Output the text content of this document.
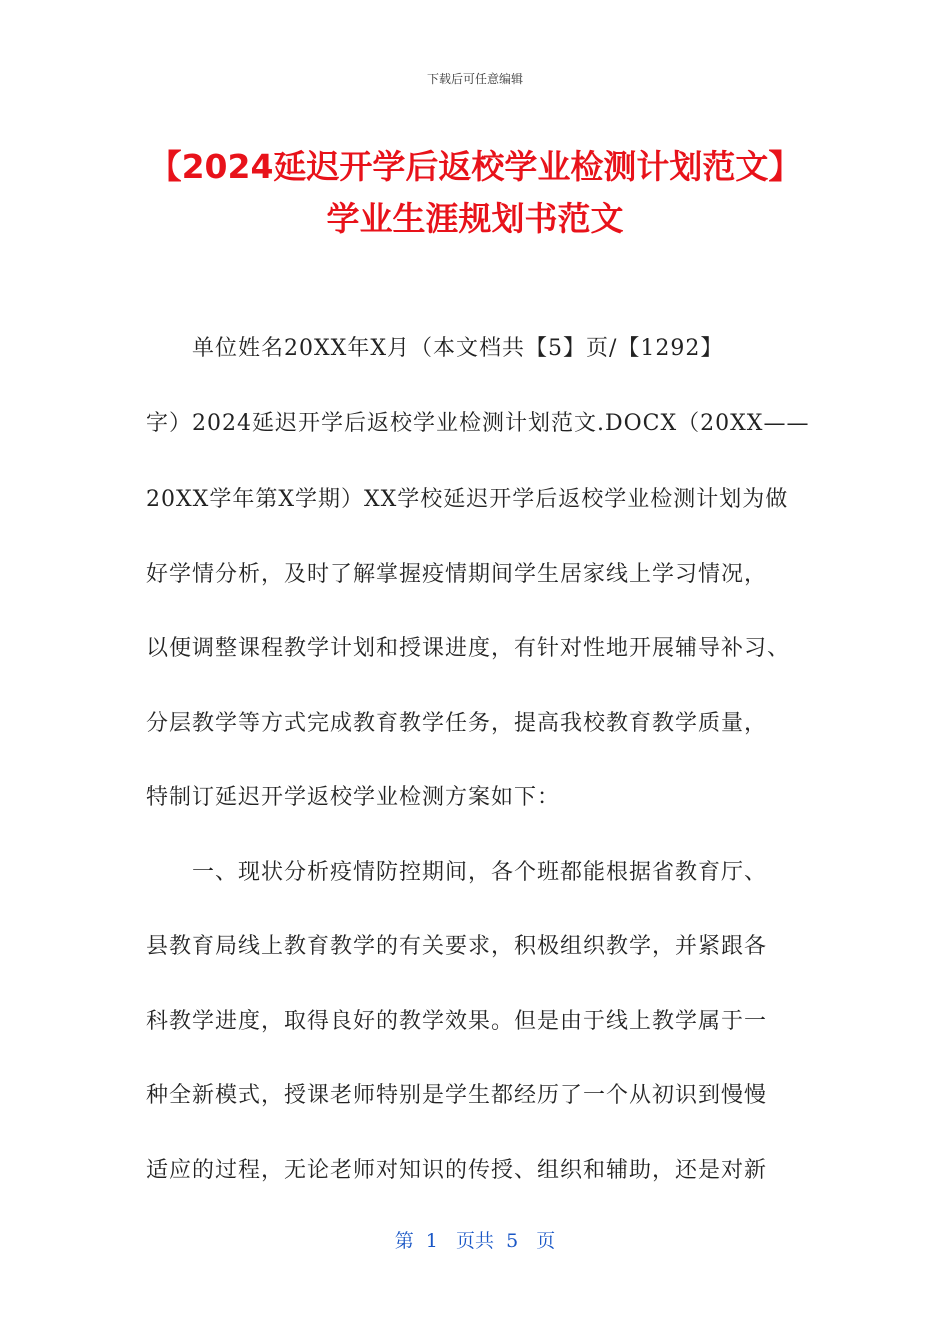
下载后可任意编辑
【2024延迟开学后返校学业检测计划范文】
学业生涯规划书范文
单位姓名20XX年X月（本文档共【5】页/【1292】
字）2024延迟开学后返校学业检测计划范文.DOCX（20XX——
20XX学年第X学期）XX学校延迟开学后返校学业检测计划为做
好学情分析，及时了解掌握疫情期间学生居家线上学习情况，
以便调整课程教学计划和授课进度，有针对性地开展辅导补习、
分层教学等方式完成教育教学任务，提高我校教育教学质量，
特制订延迟开学返校学业检测方案如下：
一、现状分析疫情防控期间，各个班都能根据省教育厅、
县教育局线上教育教学的有关要求，积极组织教学，并紧跟各
科教学进度，取得良好的教学效果。但是由于线上教学属于一
种全新模式，授课老师特别是学生都经历了一个从初识到慢慢
适应的过程，无论老师对知识的传授、组织和辅助，还是对新
第  1   页共  5   页
